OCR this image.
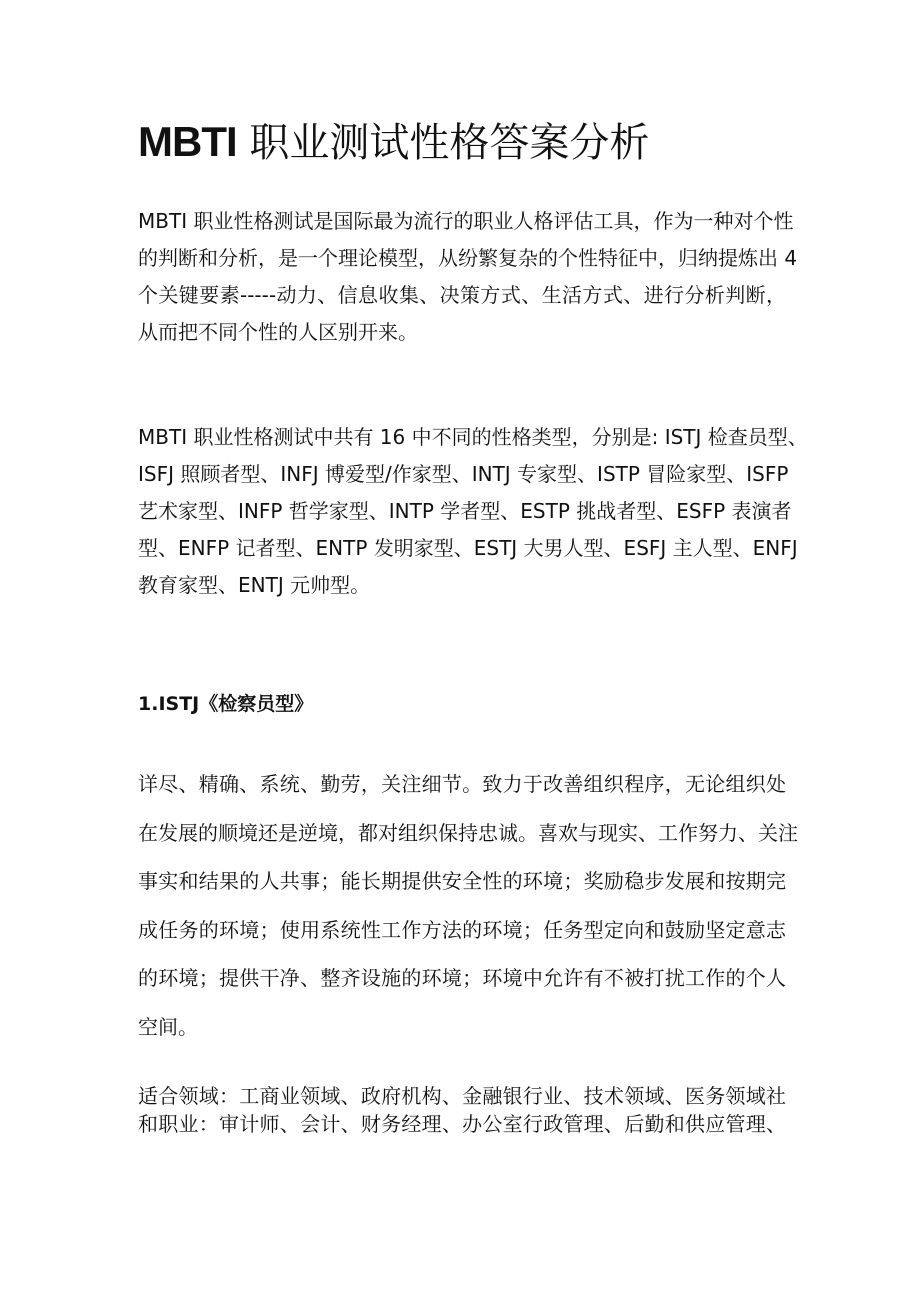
MBTI 职业测试性格答案分析

MBTI 职业性格测试是国际最为流行的职业人格评估工具，作为一种对个性
的判断和分析，是一个理论模型，从纷繁复杂的个性特征中，归纳提炼出 4
个关键要素-----动力、信息收集、决策方式、生活方式、进行分析判断，
从而把不同个性的人区别开来。

MBTI 职业性格测试中共有 16 中不同的性格类型，分别是: ISTJ 检查员型、
ISFJ 照顾者型、INFJ 博爱型/作家型、INTJ 专家型、ISTP 冒险家型、ISFP
艺术家型、INFP 哲学家型、INTP 学者型、ESTP 挑战者型、ESFP 表演者
型、ENFP 记者型、ENTP 发明家型、ESTJ 大男人型、ESFJ 主人型、ENFJ
教育家型、ENTJ 元帅型。

1.ISTJ《检察员型》

详尽、精确、系统、勤劳，关注细节。致力于改善组织程序，无论组织处
在发展的顺境还是逆境，都对组织保持忠诚。喜欢与现实、工作努力、关注
事实和结果的人共事；能长期提供安全性的环境；奖励稳步发展和按期完
成任务的环境；使用系统性工作方法的环境；任务型定向和鼓励坚定意志
的环境；提供干净、整齐设施的环境；环境中允许有不被打扰工作的个人
空间。

适合领域：工商业领域、政府机构、金融银行业、技术领域、医务领域社
和职业：审计师、会计、财务经理、办公室行政管理、后勤和供应管理、
